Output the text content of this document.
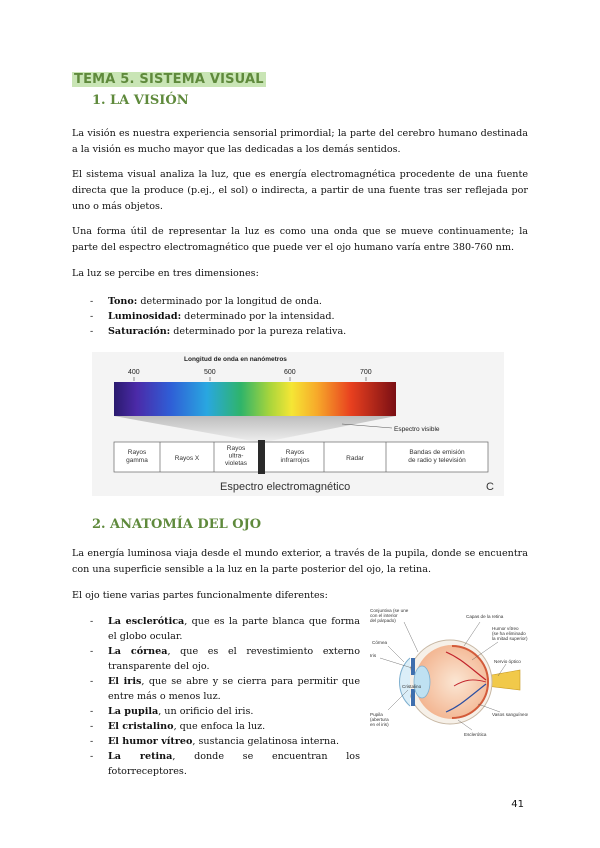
TEMA 5. SISTEMA VISUAL
1. LA VISIÓN
La visión es nuestra experiencia sensorial primordial; la parte del cerebro humano destinada a la visión es mucho mayor que las dedicadas a los demás sentidos.
El sistema visual analiza la luz, que es energía electromagnética procedente de una fuente directa que la produce (p.ej., el sol) o indirecta, a partir de una fuente tras ser reflejada por uno o más objetos.
Una forma útil de representar la luz es como una onda que se mueve continuamente; la parte del espectro electromagnético que puede ver el ojo humano varía entre 380-760 nm.
La luz se percibe en tres dimensiones:
- Tono: determinado por la longitud de onda.
- Luminosidad: determinado por la intensidad.
- Saturación: determinado por la pureza relativa.
Longitud de onda en nanómetros
400	500	600	700
Espectro visible
Rayos gamma	Rayos X
Rayos ultra-violetas
Rayos infrarrojos	Radar
Bandas de emisión de radio y televisión
Espectro electromagnético	C
2. ANATOMÍA DEL OJO
La energía luminosa viaja desde el mundo exterior, a través de la pupila, donde se encuentra con una superficie sensible a la luz en la parte posterior del ojo, la retina.
El ojo tiene varias partes funcionalmente diferentes:
- La esclerótica, que es la parte blanca que forma el globo ocular.
- La córnea, que es el revestimiento externo transparente del ojo.
- El iris, que se abre y se cierra para permitir que entre más o menos luz.
- La pupila, un orificio del iris.
- El cristalino, que enfoca la luz.
- El humor vítreo, sustancia gelatinosa interna.
- La retina, donde se encuentran los fotorreceptores.
Conjuntiva (se une con el interior del párpado)
Capas de la retina
Córnea
Iris
Humor vítreo (se ha eliminado la mitad superior)
Nervio óptico
Cristalino
Vasos sanguíneos
Pupila (abertura en el iris)
Esclerótica
41
